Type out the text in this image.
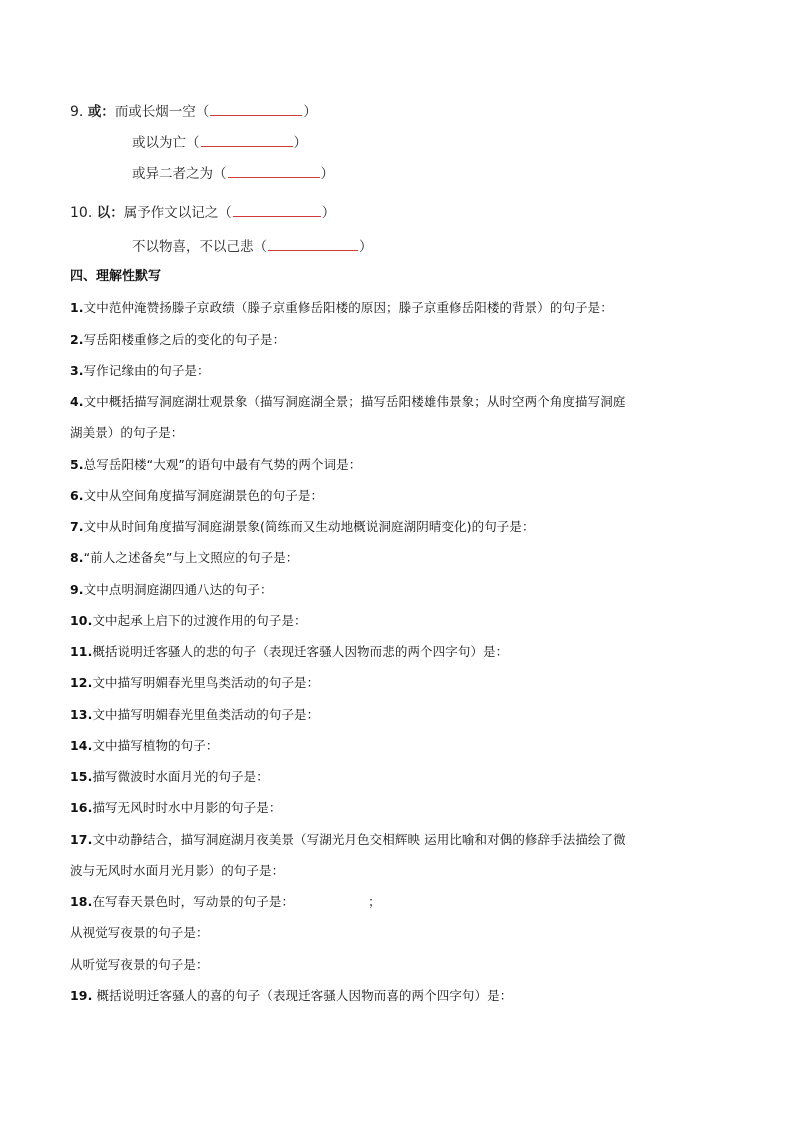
9. 或：而或长烟一空（	）
或以为亡（	）
或异二者之为（	）
10. 以：属予作文以记之（	）
不以物喜，不以己悲（	）
四、理解性默写
1.文中范仲淹赞扬滕子京政绩（滕子京重修岳阳楼的原因；滕子京重修岳阳楼的背景）的句子是：
2.写岳阳楼重修之后的变化的句子是：
3.写作记缘由的句子是：
4.文中概括描写洞庭湖壮观景象（描写洞庭湖全景；描写岳阳楼雄伟景象；从时空两个角度描写洞庭
湖美景）的句子是：
5.总写岳阳楼“大观”的语句中最有气势的两个词是：
6.文中从空间角度描写洞庭湖景色的句子是：
7.文中从时间角度描写洞庭湖景象(简练而又生动地概说洞庭湖阴晴变化)的句子是：
8.“前人之述备矣”与上文照应的句子是：
9.文中点明洞庭湖四通八达的句子：
10.文中起承上启下的过渡作用的句子是：
11.概括说明迁客骚人的悲的句子（表现迁客骚人因物而悲的两个四字句）是：
12.文中描写明媚春光里鸟类活动的句子是：
13.文中描写明媚春光里鱼类活动的句子是：
14.文中描写植物的句子：
15.描写微波时水面月光的句子是：
16.描写无风时时水中月影的句子是：
17.文中动静结合，描写洞庭湖月夜美景（写湖光月色交相辉映 运用比喻和对偶的修辞手法描绘了微
波与无风时水面月光月影）的句子是：
18.在写春天景色时，写动景的句子是：	；
从视觉写夜景的句子是：
从听觉写夜景的句子是：
19. 概括说明迁客骚人的喜的句子（表现迁客骚人因物而喜的两个四字句）是：
